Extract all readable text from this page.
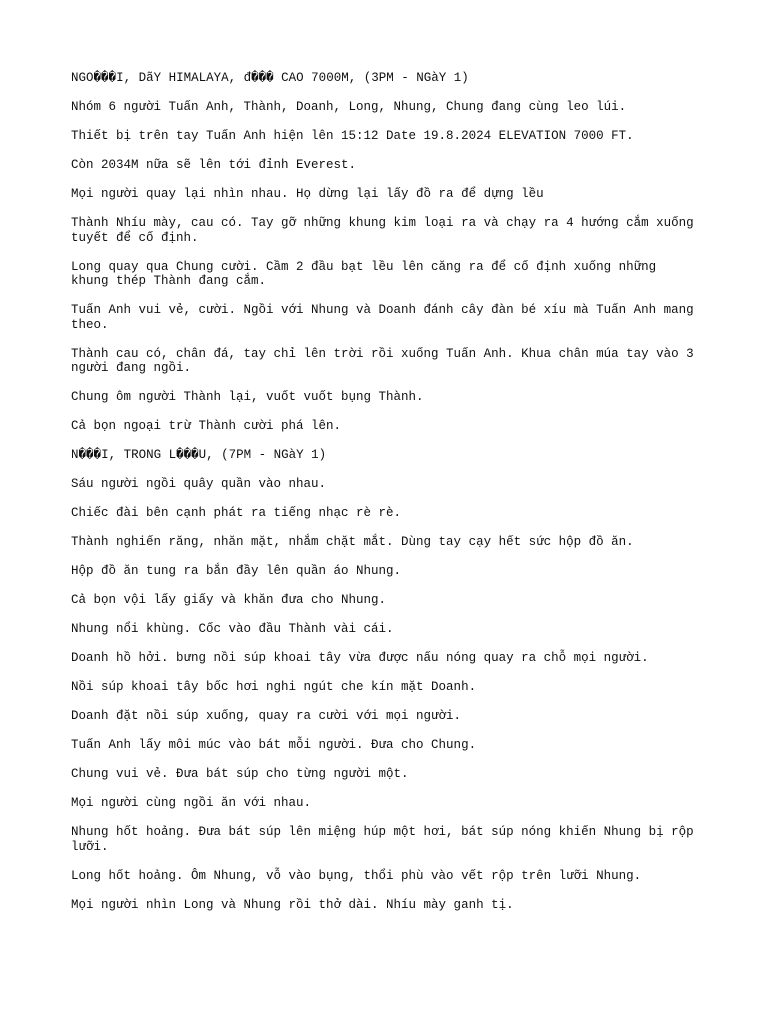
NGO���I, DãY HIMALAYA, đ��� CAO 7000M, (3PM - NGàY 1)

Nhóm 6 người Tuấn Anh, Thành, Doanh, Long, Nhung, Chung đang cùng leo lúi.

Thiết bị trên tay Tuấn Anh hiện lên 15:12 Date 19.8.2024 ELEVATION 7000 FT.

Còn 2034M nữa sẽ lên tới đỉnh Everest.

Mọi người quay lại nhìn nhau. Họ dừng lại lấy đồ ra để dựng lều

Thành Nhíu mày, cau có. Tay gỡ những khung kim loại ra và chạy ra 4 hướng cắm xuống tuyết để cố định.

Long quay qua Chung cười. Cầm 2 đầu bạt lều lên căng ra để cố định xuống những khung thép Thành đang cắm.

Tuấn Anh vui vẻ, cười. Ngồi với Nhung và Doanh đánh cây đàn bé xíu mà Tuấn Anh mang theo.

Thành cau có, chân đá, tay chỉ lên trời rồi xuống Tuấn Anh. Khua chân múa tay vào 3 người đang ngồi.

Chung ôm người Thành lại, vuốt vuốt bụng Thành.

Cả bọn ngoại trừ Thành cười phá lên.

N���I, TRONG L���U, (7PM - NGàY 1)

Sáu người ngồi quây quần vào nhau.

Chiếc đài bên cạnh phát ra tiếng nhạc rè rè.

Thành nghiến răng, nhăn mặt, nhắm chặt mắt. Dùng tay cạy hết sức hộp đồ ăn.

Hộp đồ ăn tung ra bắn đầy lên quần áo Nhung.

Cả bọn vội lấy giấy và khăn đưa cho Nhung.

Nhung nổi khùng. Cốc vào đầu Thành vài cái.

Doanh hồ hởi. bưng nồi súp khoai tây vừa được nấu nóng quay ra chỗ mọi người.

Nồi súp khoai tây bốc hơi nghi ngút che kín mặt Doanh.

Doanh đặt nồi súp xuống, quay ra cười với mọi người.

Tuấn Anh lấy môi múc vào bát mỗi người. Đưa cho Chung.

Chung vui vẻ. Đưa bát súp cho từng người một.

Mọi người cùng ngồi ăn với nhau.

Nhung hốt hoảng. Đưa bát súp lên miệng húp một hơi, bát súp nóng khiến Nhung bị rộp lưỡi.

Long hốt hoảng. Ôm Nhung, vỗ vào bụng, thổi phù vào vết rộp trên lưỡi Nhung.

Mọi người nhìn Long và Nhung rồi thở dài. Nhíu mày ganh tị.
